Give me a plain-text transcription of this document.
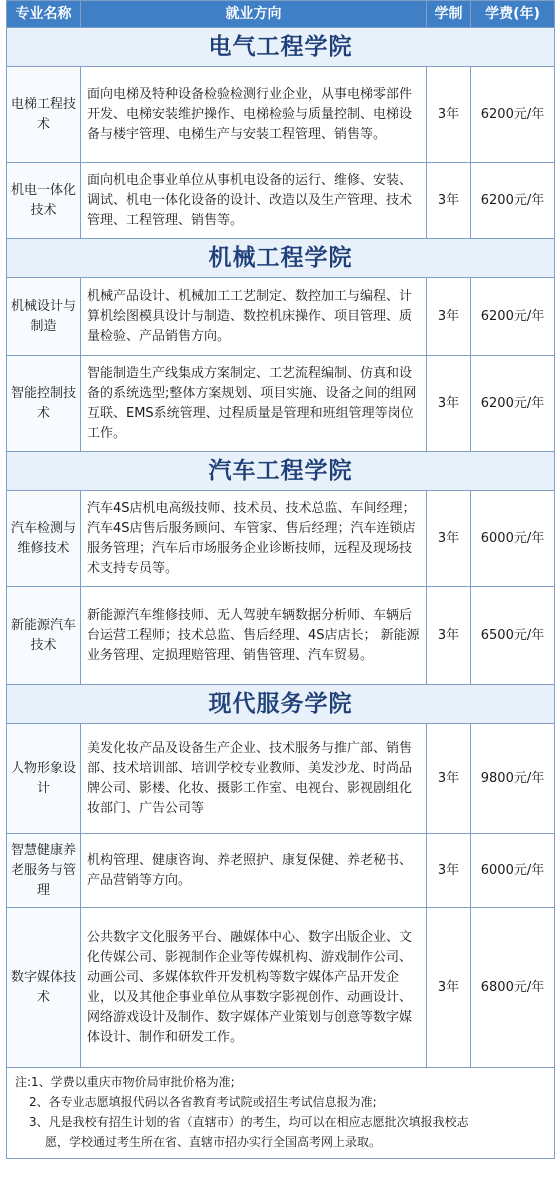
专业名称	就业方向	学制	学费(年)
电气工程学院			
电梯工程技术	面向电梯及特种设备检验检测行业企业，从事电梯零部件开发、电梯安装维护操作、电梯检验与质量控制、电梯设备与楼宇管理、电梯生产与安装工程管理、销售等。	3年	6200元/年
机电一体化技术	面向机电企事业单位从事机电设备的运行、维修、安装、调试、机电一体化设备的设计、改造以及生产管理、技术管理、工程管理、销售等。	3年	6200元/年
机械工程学院			
机械设计与制造	机械产品设计、机械加工工艺制定、数控加工与编程、计算机绘图模具设计与制造、数控机床操作、项目管理、质量检验、产品销售方向。	3年	6200元/年
智能控制技术	智能制造生产线集成方案制定、工艺流程编制、仿真和设备的系统选型;整体方案规划、项目实施、设备之间的组网互联、EMS系统管理、过程质量是管理和班组管理等岗位工作。	3年	6200元/年
汽车工程学院			
汽车检测与维修技术	汽车4S店机电高级技师、技术员、技术总监、车间经理；汽车4S店售后服务顾问、车管家、售后经理；汽车连锁店服务管理；汽车后市场服务企业诊断技师，远程及现场技术支持专员等。	3年	6000元/年
新能源汽车技术	新能源汽车维修技师、无人驾驶车辆数据分析师、车辆后台运营工程师；技术总监、售后经理、4S店店长； 新能源业务管理、定损理赔管理、销售管理、汽车贸易。	3年	6500元/年
现代服务学院			
人物形象设计	美发化妆产品及设备生产企业、技术服务与推广部、销售部、技术培训部、培训学校专业教师、美发沙龙、时尚品牌公司、影楼、化妆、摄影工作室、电视台、影视剧组化妆部门、广告公司等	3年	9800元/年
智慧健康养老服务与管理	机构管理、健康咨询、养老照护、康复保健、养老秘书、产品营销等方向。	3年	6000元/年
数字媒体技术	公共数字文化服务平台、融媒体中心、数字出版企业、文化传媒公司、影视制作企业等传媒机构、游戏制作公司、动画公司、多媒体软件开发机构等数字媒体产品开发企业，以及其他企事业单位从事数字影视创作、动画设计、网络游戏设计及制作、数字媒体产业策划与创意等数字媒体设计、制作和研发工作。	3年	6800元/年

注:1、学费以重庆市物价局审批价格为准;
2、各专业志愿填报代码以各省教育考试院或招生考试信息报为准;
3、凡是我校有招生计划的省（直辖市）的考生，均可以在相应志愿批次填报我校志
愿，学校通过考生所在省、直辖市招办实行全国高考网上录取。			
